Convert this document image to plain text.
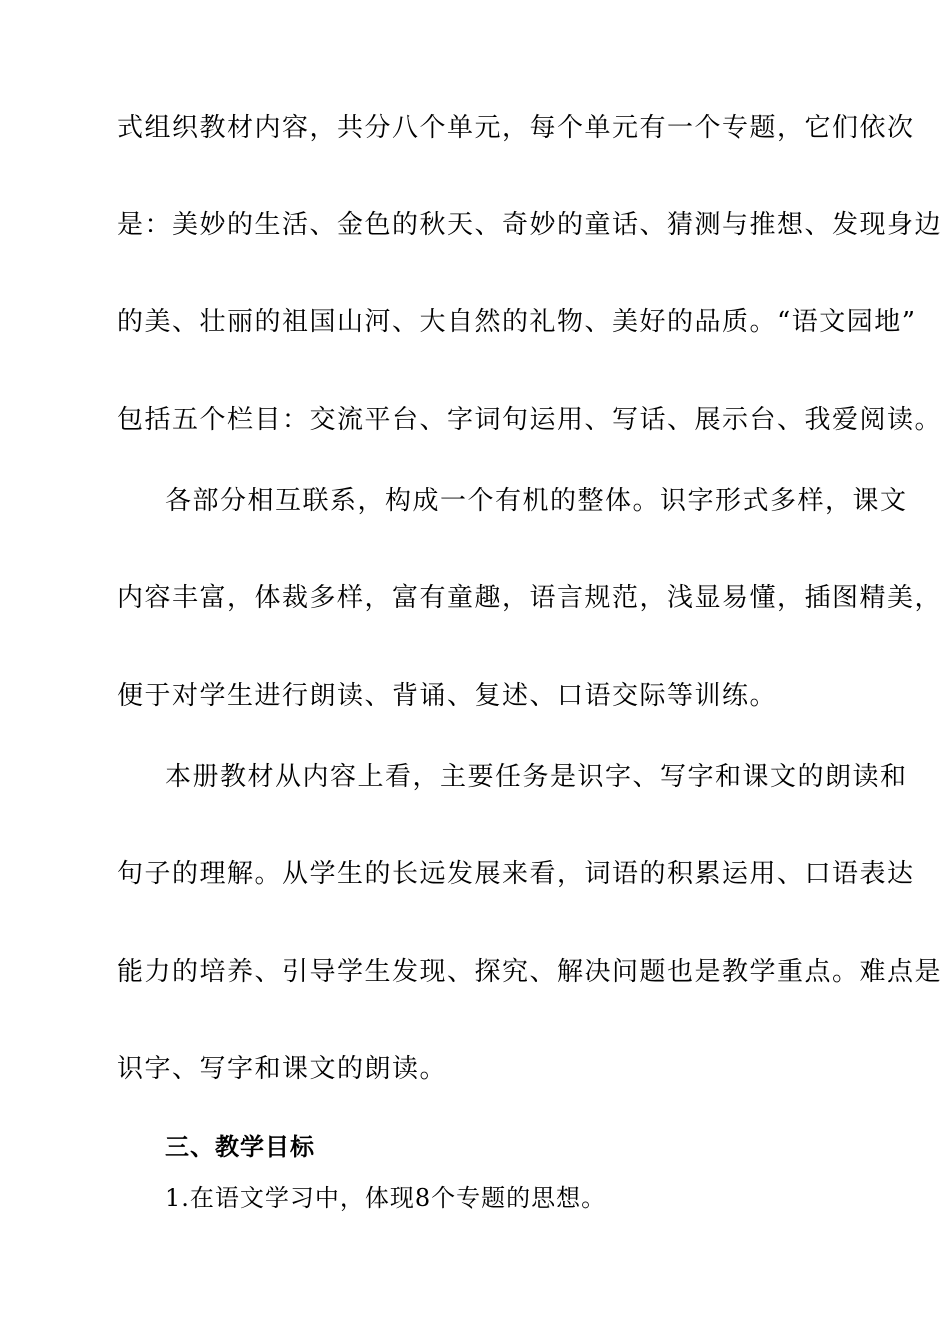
式组织教材内容，共分八个单元，每个单元有一个专题，它们依次
是：美妙的生活、金色的秋天、奇妙的童话、猜测与推想、发现身边
的美、壮丽的祖国山河、大自然的礼物、美好的品质。“语文园地”
包括五个栏目：交流平台、字词句运用、写话、展示台、我爱阅读。
各部分相互联系，构成一个有机的整体。识字形式多样，课文
内容丰富，体裁多样，富有童趣，语言规范，浅显易懂，插图精美，
便于对学生进行朗读、背诵、复述、口语交际等训练。
本册教材从内容上看，主要任务是识字、写字和课文的朗读和
句子的理解。从学生的长远发展来看，词语的积累运用、口语表达
能力的培养、引导学生发现、探究、解决问题也是教学重点。难点是
识字、写字和课文的朗读。
三、教学目标
1.在语文学习中，体现8个专题的思想。
